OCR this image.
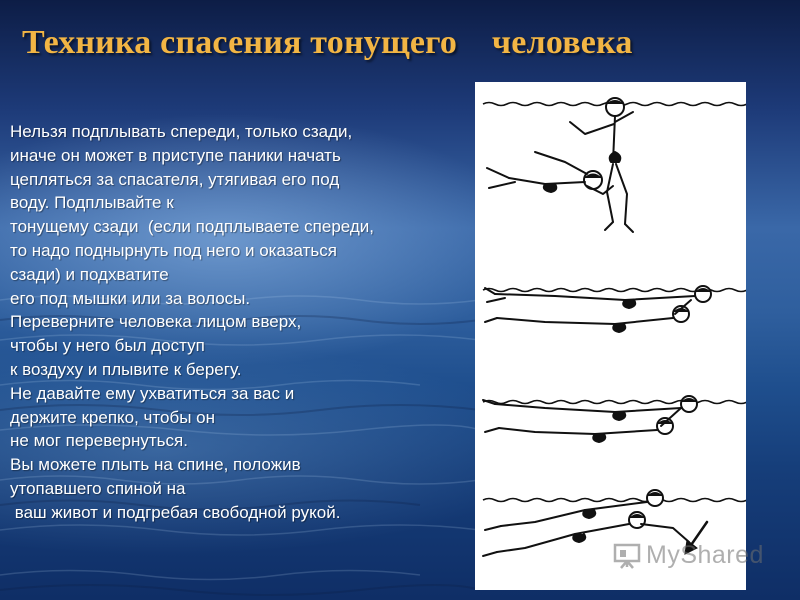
Техника спасения тонущего    человека
Нельзя подплывать спереди, только сзади,
иначе он может в приступе паники начать
цепляться за спасателя, утягивая его под
воду. Подплывайте к
тонущему сзади  (если подплываете спереди,
то надо поднырнуть под него и оказаться
сзади) и подхватите
его под мышки или за волосы.
Переверните человека лицом вверх,
чтобы у него был доступ
к воздуху и плывите к берегу.
Не давайте ему ухватиться за вас и
держите крепко, чтобы он
не мог перевернуться.
Вы можете плыть на спине, положив
утопавшего спиной на
ваш живот и подгребая свободной рукой.
MyShared
